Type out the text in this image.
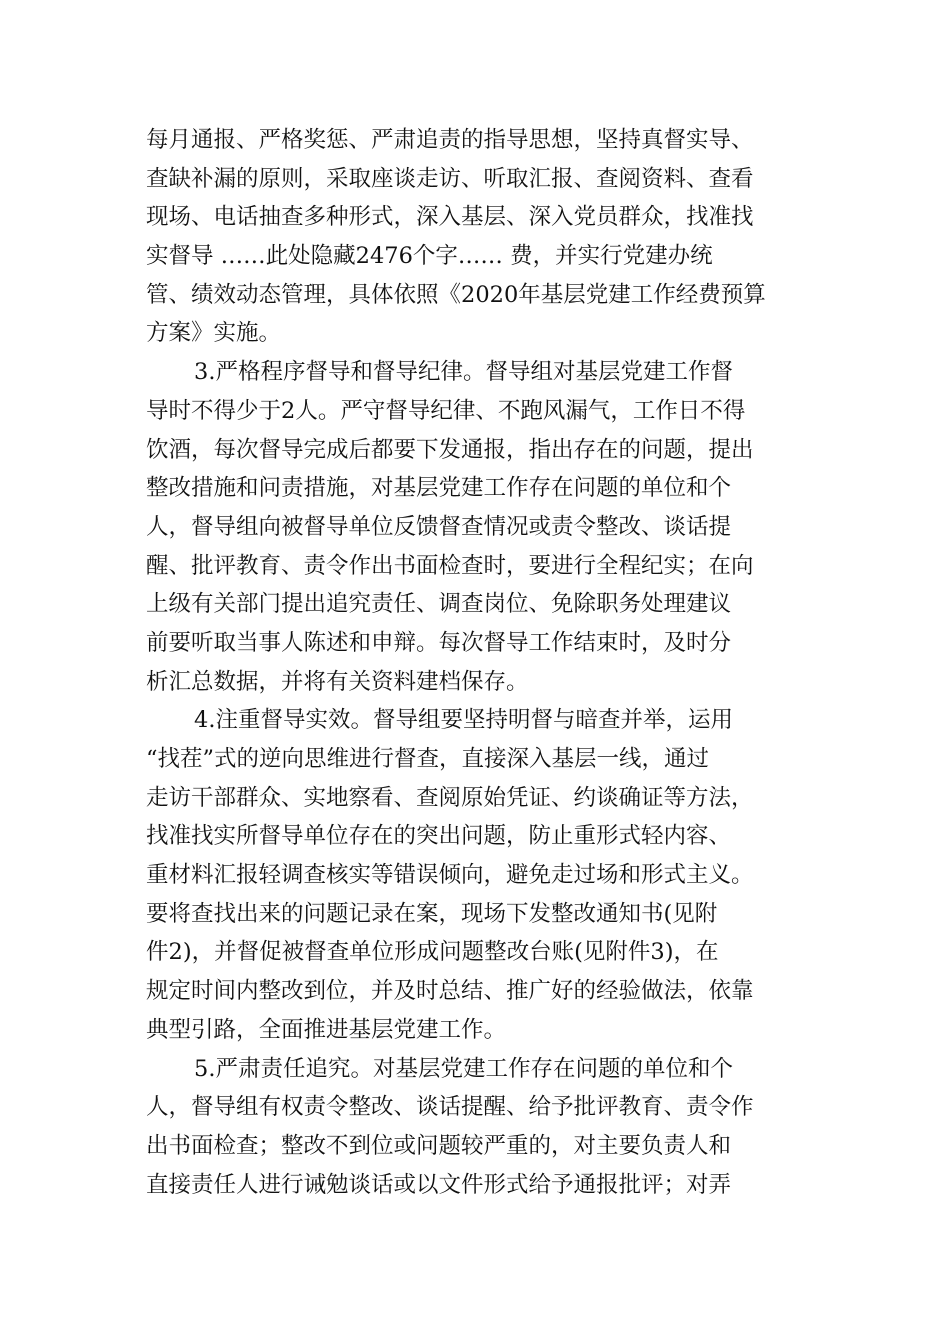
每月通报、严格奖惩、严肃追责的指导思想，坚持真督实导、
查缺补漏的原则，采取座谈走访、听取汇报、查阅资料、查看
现场、电话抽查多种形式，深入基层、深入党员群众，找准找
实督导 ……此处隐藏2476个字…… 费，并实行党建办统
管、绩效动态管理，具体依照《2020年基层党建工作经费预算
方案》实施。
3.严格程序督导和督导纪律。督导组对基层党建工作督
导时不得少于2人。严守督导纪律、不跑风漏气，工作日不得
饮酒，每次督导完成后都要下发通报，指出存在的问题，提出
整改措施和问责措施，对基层党建工作存在问题的单位和个
人，督导组向被督导单位反馈督查情况或责令整改、谈话提
醒、批评教育、责令作出书面检查时，要进行全程纪实；在向
上级有关部门提出追究责任、调查岗位、免除职务处理建议
前要听取当事人陈述和申辩。每次督导工作结束时，及时分
析汇总数据，并将有关资料建档保存。
4.注重督导实效。督导组要坚持明督与暗查并举，运用
“找茬”式的逆向思维进行督查，直接深入基层一线，通过
走访干部群众、实地察看、查阅原始凭证、约谈确证等方法，
找准找实所督导单位存在的突出问题，防止重形式轻内容、
重材料汇报轻调查核实等错误倾向，避免走过场和形式主义。
要将查找出来的问题记录在案，现场下发整改通知书(见附
件2)，并督促被督查单位形成问题整改台账(见附件3)，在
规定时间内整改到位，并及时总结、推广好的经验做法，依靠
典型引路，全面推进基层党建工作。
5.严肃责任追究。对基层党建工作存在问题的单位和个
人，督导组有权责令整改、谈话提醒、给予批评教育、责令作
出书面检查；整改不到位或问题较严重的，对主要负责人和
直接责任人进行诫勉谈话或以文件形式给予通报批评；对弄
